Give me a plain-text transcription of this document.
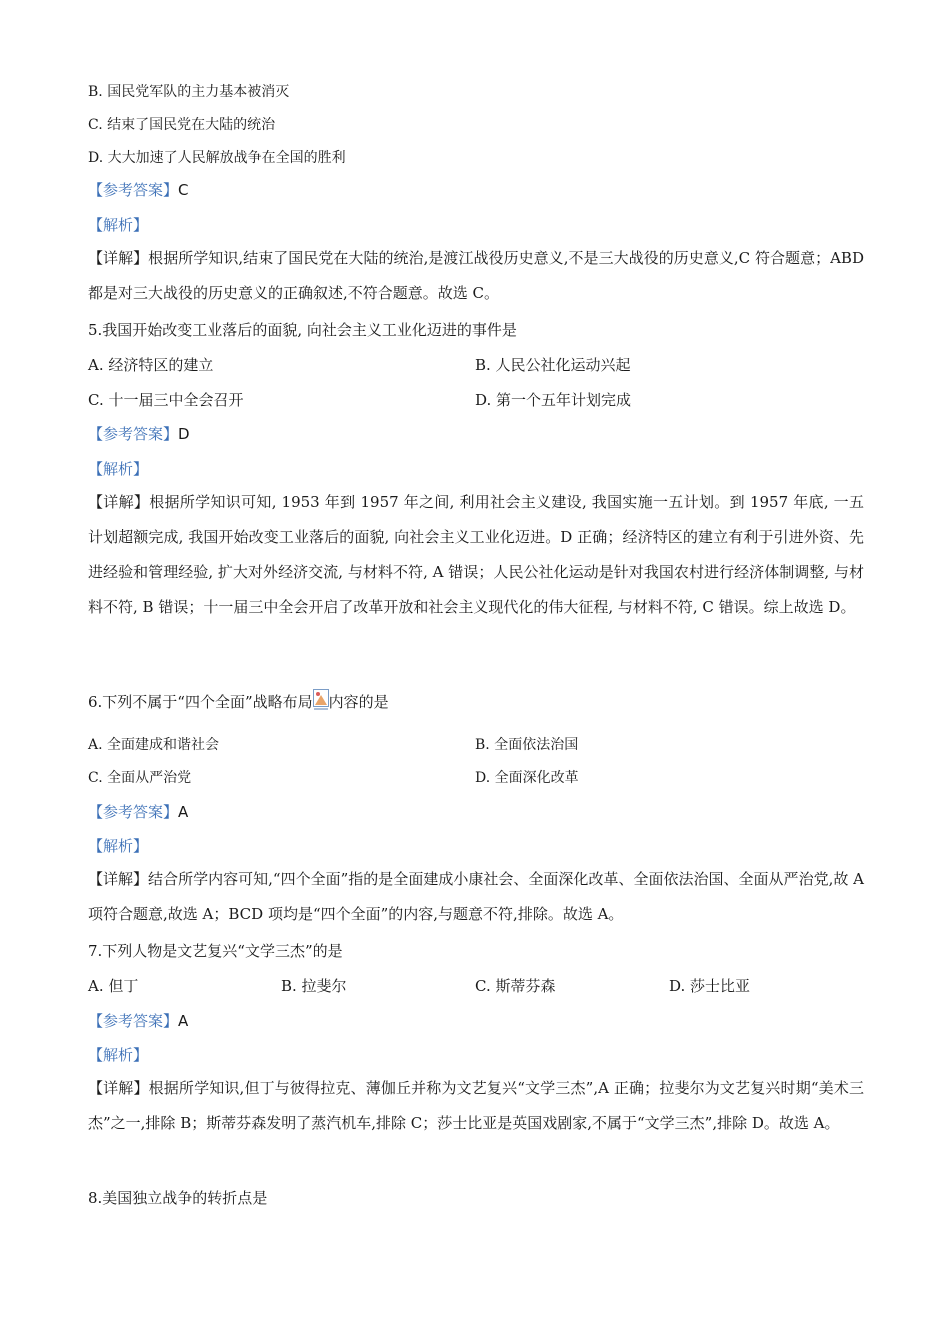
B. 国民党军队的主力基本被消灭
C. 结束了国民党在大陆的统治
D. 大大加速了人民解放战争在全国的胜利
【参考答案】C
【解析】
【详解】根据所学知识,结束了国民党在大陆的统治,是渡江战役历史意义,不是三大战役的历史意义,C 符合题意；ABD 都是对三大战役的历史意义的正确叙述,不符合题意。故选 C。
5.我国开始改变工业落后的面貌, 向社会主义工业化迈进的事件是
A. 经济特区的建立	B. 人民公社化运动兴起
C. 十一届三中全会召开	D. 第一个五年计划完成
【参考答案】D
【解析】
【详解】根据所学知识可知, 1953 年到 1957 年之间, 利用社会主义建设, 我国实施一五计划。到 1957 年底, 一五计划超额完成, 我国开始改变工业落后的面貌, 向社会主义工业化迈进。D 正确；经济特区的建立有利于引进外资、先进经验和管理经验, 扩大对外经济交流, 与材料不符, A 错误；人民公社化运动是针对我国农村进行经济体制调整, 与材料不符, B 错误；十一届三中全会开启了改革开放和社会主义现代化的伟大征程, 与材料不符, C 错误。综上故选 D。
6.下列不属于“四个全面”战略布局 内容的是
A. 全面建成和谐社会	B. 全面依法治国
C. 全面从严治党	D. 全面深化改革
【参考答案】A
【解析】
【详解】结合所学内容可知,“四个全面”指的是全面建成小康社会、全面深化改革、全面依法治国、全面从严治党,故 A 项符合题意,故选 A；BCD 项均是“四个全面”的内容,与题意不符,排除。故选 A。
7.下列人物是文艺复兴“文学三杰”的是
A. 但丁	B. 拉斐尔	C. 斯蒂芬森	D. 莎士比亚
【参考答案】A
【解析】
【详解】根据所学知识,但丁与彼得拉克、薄伽丘并称为文艺复兴“文学三杰”,A 正确；拉斐尔为文艺复兴时期“美术三杰”之一,排除 B；斯蒂芬森发明了蒸汽机车,排除 C；莎士比亚是英国戏剧家,不属于“文学三杰”,排除 D。故选 A。
8.美国独立战争的转折点是
